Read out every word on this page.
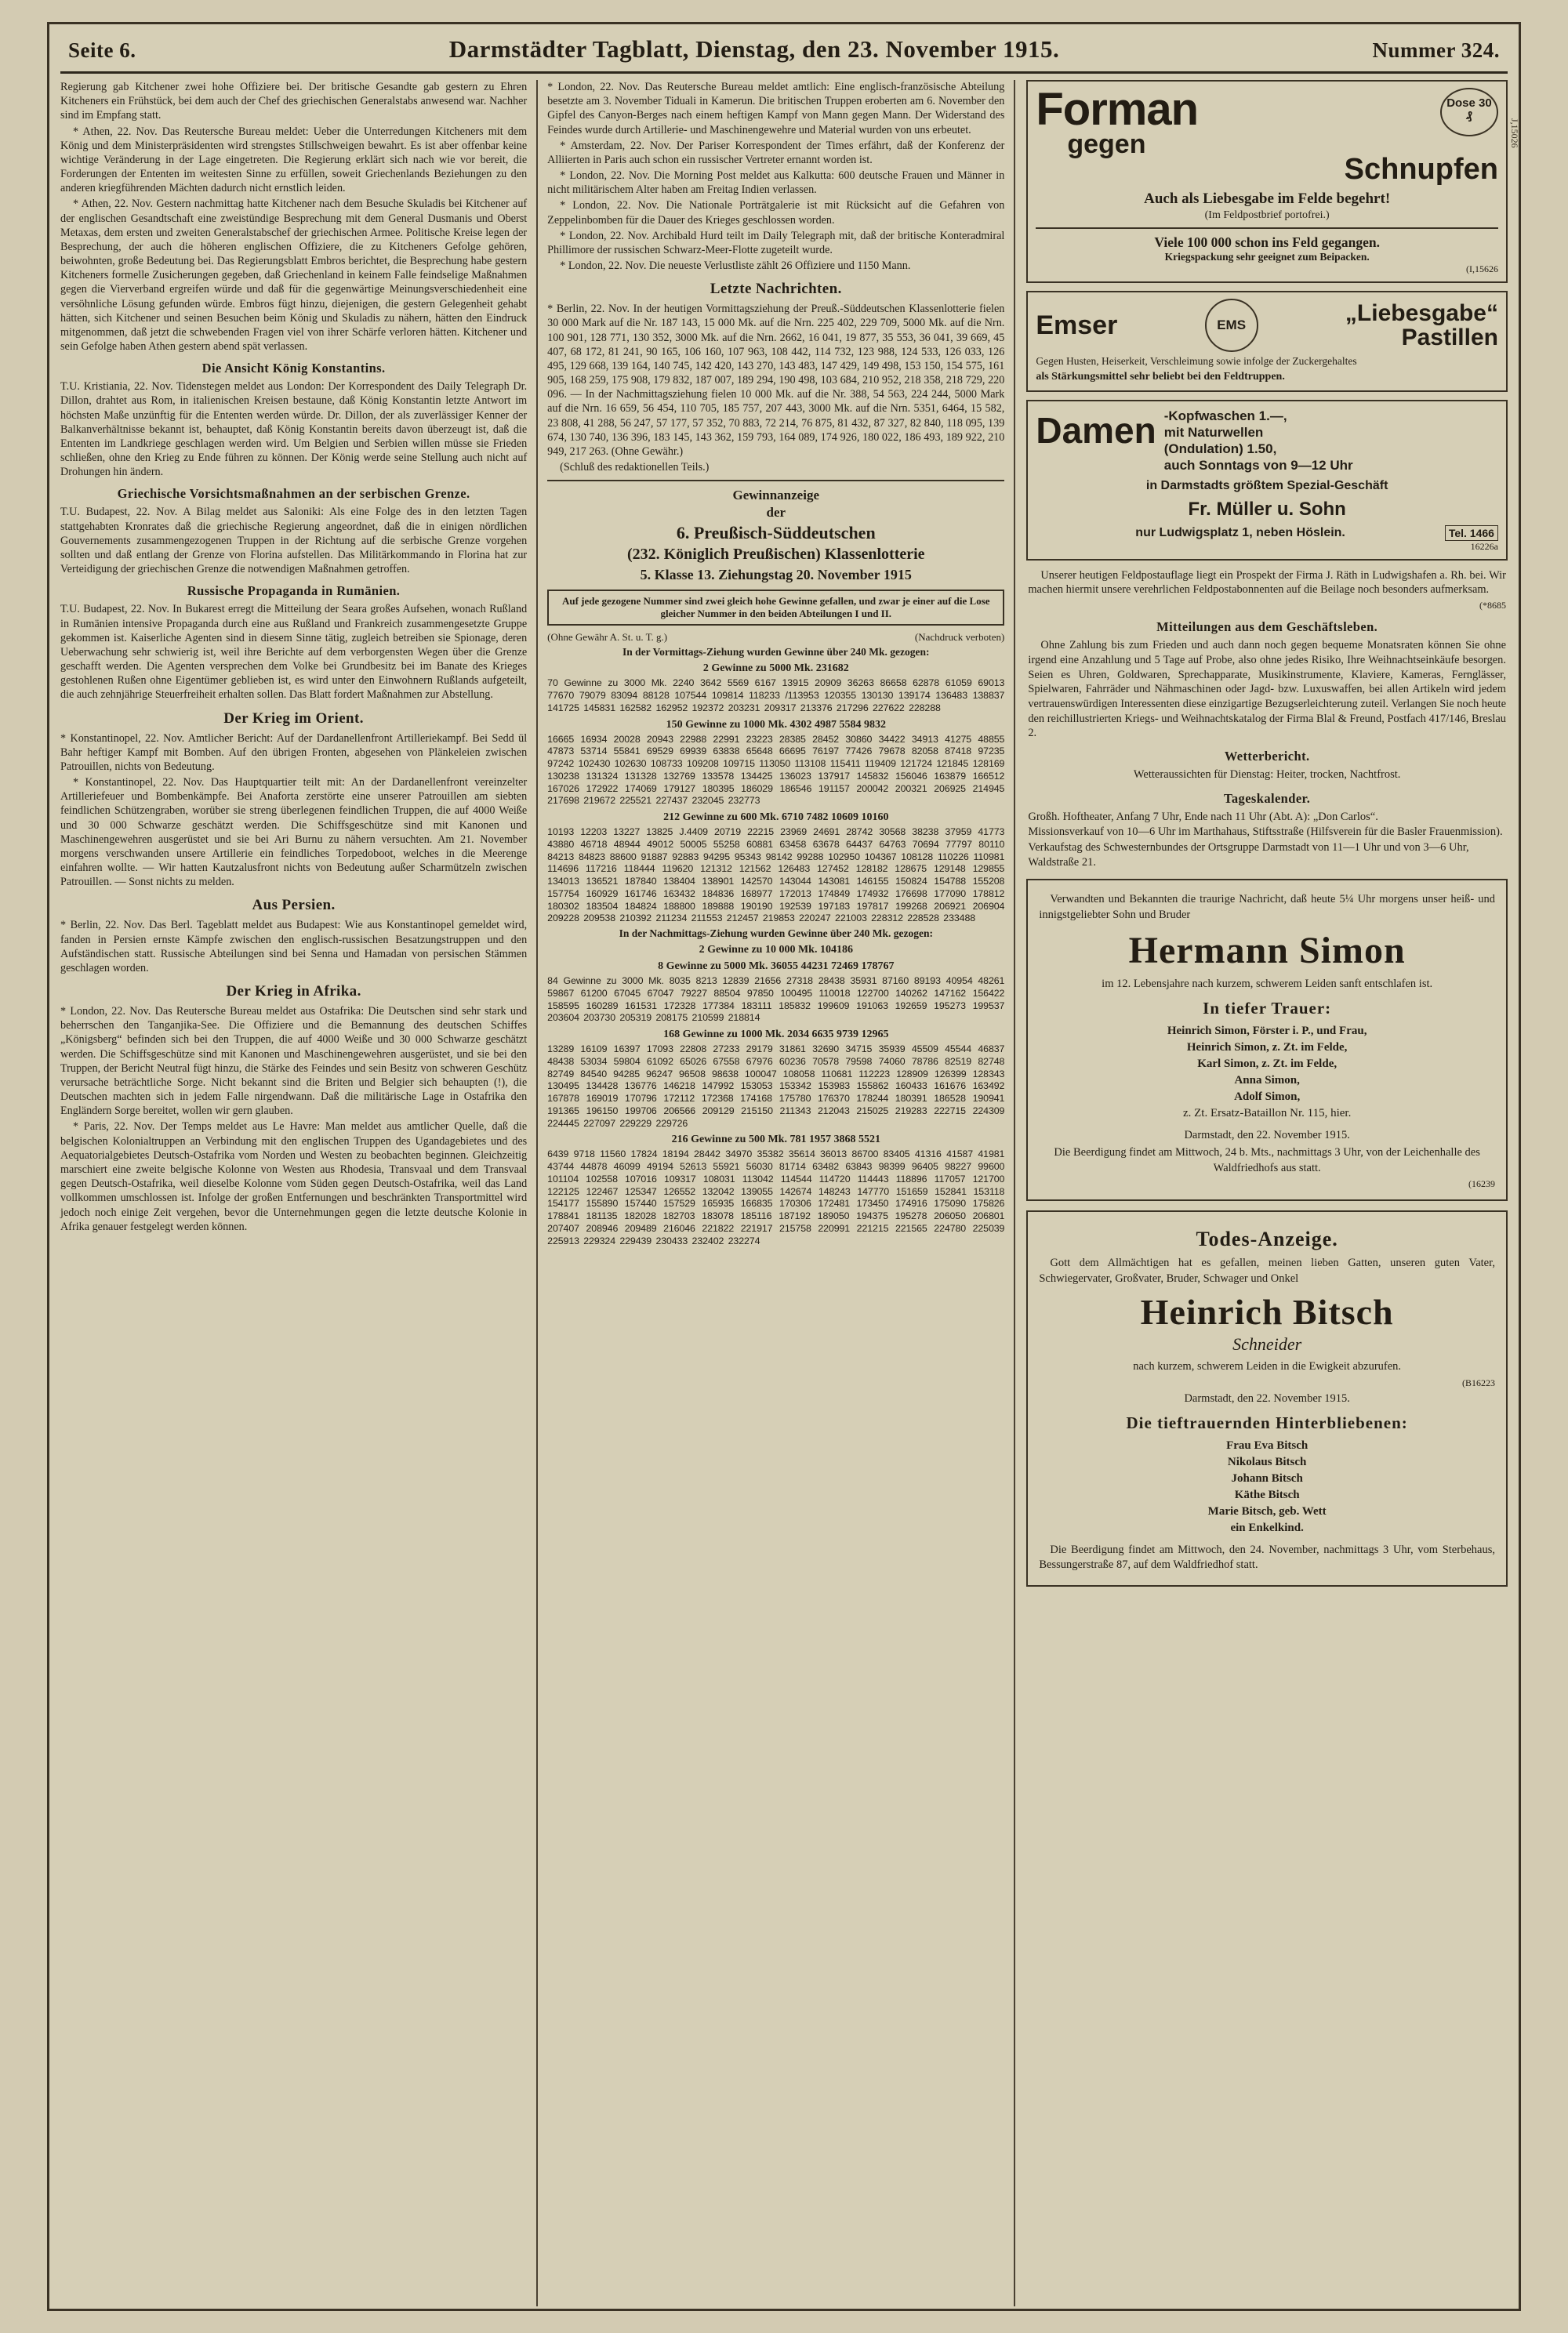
Seite 6.	Darmstädter Tagblatt, Dienstag, den 23. November 1915.	Nummer 324.

Regierung gab Kitchener zwei hohe Offiziere bei. Der britische Gesandte gab gestern zu Ehren Kitcheners ein Frühstück, bei dem auch der Chef des griechischen Generalstabs anwesend war. Nachher sind im Empfang statt.

* Athen, 22. Nov. Das Reutersche Bureau meldet: Ueber die Unterredungen Kitcheners mit dem König und dem Ministerpräsidenten wird strengstes Stillschweigen bewahrt. Es ist aber offenbar keine wichtige Veränderung in der Lage eingetreten. Die Regierung erklärt sich nach wie vor bereit, die Forderungen der Ententen im weitesten Sinne zu erfüllen, soweit Griechenlands Beziehungen zu den anderen kriegführenden Mächten dadurch nicht ernstlich leiden.

* Athen, 22. Nov. Gestern nachmittag hatte Kitchener nach dem Besuche Skuladis bei Kitchener auf der englischen Gesandtschaft eine zweistündige Besprechung mit dem General Dusmanis und Oberst Metaxas, dem ersten und zweiten Generalstabschef der griechischen Armee. Politische Kreise legen der Besprechung, der auch die höheren englischen Offiziere, die zu Kitcheners Gefolge gehören, beiwohnten, große Bedeutung bei. Das Regierungsblatt Embros berichtet, die Besprechung habe gestern Kitcheners formelle Zusicherungen gegeben, daß Griechenland in keinem Falle feindselige Maßnahmen gegen die Vierverband ergreifen würde und daß für die gegenwärtige Meinungsverschiedenheit eine versöhnliche Lösung gefunden würde. Embros fügt hinzu, diejenigen, die gestern Gelegenheit gehabt hätten, sich Kitchener und seinen Besuchen beim König und Skuladis zu nähern, hätten den Eindruck mitgenommen, daß jetzt die schwebenden Fragen viel von ihrer Schärfe verloren hätten. Kitchener und sein Gefolge haben Athen gestern abend spät verlassen.

Die Ansicht König Konstantins.

T.U. Kristiania, 22. Nov. Tidenstegen meldet aus London: Der Korrespondent des Daily Telegraph Dr. Dillon, drahtet aus Rom, in italienischen Kreisen bestaune, daß König Konstantin letzte Antwort im höchsten Maße unzünftig für die Ententen werden würde. Dr. Dillon, der als zuverlässiger Kenner der Balkanverhältnisse bekannt ist, behauptet, daß König Konstantin bereits davon überzeugt ist, daß die Ententen im Landkriege geschlagen werden wird. Um Belgien und Serbien willen müsse sie Frieden schließen, ohne den Krieg zu Ende führen zu können. Der König werde seine Stellung auch nicht auf Drohungen hin ändern.

Griechische Vorsichtsmaßnahmen an der serbischen Grenze.

T.U. Budapest, 22. Nov. A Bilag meldet aus Saloniki: Als eine Folge des in den letzten Tagen stattgehabten Kronrates daß die griechische Regierung angeordnet, daß die in einigen nördlichen Gouvernements zusammengezogenen Truppen in der Richtung auf die serbische Grenze vorgehen sollten und daß entlang der Grenze von Florina aufstellen. Das Militärkommando in Florina hat zur Verteidigung der griechischen Grenze die notwendigen Maßnahmen getroffen.

Russische Propaganda in Rumänien.

T.U. Budapest, 22. Nov. In Bukarest erregt die Mitteilung der Seara großes Aufsehen, wonach Rußland in Rumänien intensive Propaganda durch eine aus Rußland und Frankreich zusammengesetzte Gruppe gekommen ist. Kaiserliche Agenten sind in diesem Sinne tätig, zugleich betreiben sie Spionage, deren Ueberwachung sehr schwierig ist, weil ihre Berichte auf dem verborgensten Wegen über die Grenze geschafft werden. Die Agenten versprechen dem Volke bei Grundbesitz bei im Banate des Krieges gestohlenen Rußen ohne Eigentümer geblieben ist, es wird unter den Einwohnern Rußlands aufgeteilt, die auch zehnjährige Steuerfreiheit erhalten sollen. Das Blatt fordert Maßnahmen zur Abstellung.

Der Krieg im Orient.

* Konstantinopel, 22. Nov. Amtlicher Bericht: Auf der Dardanellenfront Artilleriekampf. Bei Sedd ül Bahr heftiger Kampf mit Bomben. Auf den übrigen Fronten, abgesehen von Plänkeleien zwischen Patrouillen, nichts von Bedeutung.

* Konstantinopel, 22. Nov. Das Hauptquartier teilt mit: An der Dardanellenfront vereinzelter Artilleriefeuer und Bombenkämpfe. Bei Anaforta zerstörte eine unserer Patrouillen am siebten feindlichen Schützengraben, worüber sie streng überlegenen feindlichen Truppen, die auf 4000 Weiße und 30 000 Schwarze geschätzt werden. Die Schiffsgeschütze sind mit Kanonen und Maschinengewehren ausgerüstet und sie bei Ari Burnu zu nähern versuchten. Am 21. November morgens verschwanden unsere Artillerie ein feindliches Torpedoboot, welches in die Meerenge einfahren wollte. — Wir hatten Kautzalusfront nichts von Bedeutung außer Scharmützeln zwischen Patrouillen. — Sonst nichts zu melden.

Aus Persien.

* Berlin, 22. Nov. Das Berl. Tageblatt meldet aus Budapest: Wie aus Konstantinopel gemeldet wird, fanden in Persien ernste Kämpfe zwischen den englisch-russischen Besatzungstruppen und den Aufständischen statt. Russische Abteilungen sind bei Senna und Hamadan von persischen Stämmen geschlagen worden.

Der Krieg in Afrika.

* London, 22. Nov. Das Reutersche Bureau meldet aus Ostafrika: Die Deutschen sind sehr stark und beherrschen den Tanganjika-See. Die Offiziere und die Bemannung des deutschen Schiffes „Königsberg“ befinden sich bei den Truppen, die auf 4000 Weiße und 30 000 Schwarze geschätzt werden. Die Schiffsgeschütze sind mit Kanonen und Maschinengewehren ausgerüstet, und sie bei den Truppen, der Bericht Neutral fügt hinzu, die Stärke des Feindes und sein Besitz von schweren Geschütz verursache beträchtliche Sorge. Nicht bekannt sind die Briten und Belgier sich behaupten (!), die Deutschen machten sich in jedem Falle nirgendwann. Daß die militärische Lage in Ostafrika den Engländern Sorge bereitet, wollen wir gern glauben.

* Paris, 22. Nov. Der Temps meldet aus Le Havre: Man meldet aus amtlicher Quelle, daß die belgischen Kolonialtruppen an Verbindung mit den englischen Truppen des Ugandagebietes und des Aequatorialgebietes Deutsch-Ostafrika vom Norden und Westen zu beobachten beginnen. Gleichzeitig marschiert eine zweite belgische Kolonne von Westen aus Rhodesia, Transvaal und dem Transvaal gegen Deutsch-Ostafrika, weil dieselbe Kolonne vom Süden gegen Deutsch-Ostafrika, weil das Land vollkommen umschlossen ist. Infolge der großen Entfernungen und beschränkten Transportmittel wird jedoch noch einige Zeit vergehen, bevor die Unternehmungen gegen die letzte deutsche Kolonie in Afrika genauer festgelegt werden können.

* London, 22. Nov. Das Reutersche Bureau meldet amtlich: Eine englisch-französische Abteilung besetzte am 3. November Tiduali in Kamerun. Die britischen Truppen eroberten am 6. November den Gipfel des Canyon-Berges nach einem heftigen Kampf von Mann gegen Mann. Der Widerstand des Feindes wurde durch Artillerie- und Maschinengewehre und Material wurden von uns erbeutet.

* Amsterdam, 22. Nov. Der Pariser Korrespondent der Times erfährt, daß der Konferenz der Alliierten in Paris auch schon ein russischer Vertreter ernannt worden ist.

* London, 22. Nov. Die Morning Post meldet aus Kalkutta: 600 deutsche Frauen und Männer in nicht militärischem Alter haben am Freitag Indien verlassen.

* London, 22. Nov. Die Nationale Porträtgalerie ist mit Rücksicht auf die Gefahren von Zeppelinbomben für die Dauer des Krieges geschlossen worden.

* London, 22. Nov. Archibald Hurd teilt im Daily Telegraph mit, daß der britische Konteradmiral Phillimore der russischen Schwarz-Meer-Flotte zugeteilt wurde.

* London, 22. Nov. Die neueste Verlustliste zählt 26 Offiziere und 1150 Mann.

Letzte Nachrichten.

* Berlin, 22. Nov. In der heutigen Vormittagsziehung der Preuß.-Süddeutschen Klassenlotterie fielen 30 000 Mark auf die Nr. 187 143, 15 000 Mk. auf die Nrn. 225 402, 229 709, 5000 Mk. auf die Nrn. 100 901, 128 771, 130 352, 3000 Mk. auf die Nrn. 2662, 16 041, 19 877, 35 553, 36 041, 39 669, 45 407, 68 172, 81 241, 90 165, 106 160, 107 963, 108 442, 114 732, 123 988, 124 533, 126 033, 126 495, 129 668, 139 164, 140 745, 142 420, 143 270, 143 483, 147 429, 149 498, 153 150, 154 575, 161 905, 168 259, 175 908, 179 832, 187 007, 189 294, 190 498, 103 684, 210 952, 218 358, 218 729, 220 096. — In der Nachmittagsziehung fielen 10 000 Mk. auf die Nr. 388, 54 563, 224 244, 5000 Mark auf die Nrn. 16 659, 56 454, 110 705, 185 757, 207 443, 3000 Mk. auf die Nrn. 5351, 6464, 15 582, 23 808, 41 288, 56 247, 57 177, 57 352, 70 883, 72 214, 76 875, 81 432, 87 327, 82 840, 118 095, 139 674, 130 740, 136 396, 183 145, 143 362, 159 793, 164 089, 174 926, 180 022, 186 493, 189 922, 210 949, 217 263. (Ohne Gewähr.)

(Schluß des redaktionellen Teils.)

Gewinnanzeige
der
6. Preußisch-Süddeutschen
(232. Königlich Preußischen) Klassenlotterie
5. Klasse 13. Ziehungstag 20. November 1915
Auf jede gezogene Nummer sind zwei gleich hohe Gewinne gefallen, und zwar je einer auf die Lose gleicher Nummer in den beiden Abteilungen I und II.
(Ohne Gewähr A. St. u. T. g.)	(Nachdruck verboten)
In der Vormittags-Ziehung wurden Gewinne über 240 Mk. gezogen:
2 Gewinne zu 5000 Mk. 231682

70 Gewinne zu 3000 Mk. 2240 3642 5569 6167 13915 20909 36263 86658 62878 61059 69013 77670 79079 83094 88128 107544 109814 118233 /113953 120355 130130 139174 136483 138837 141725 145831 162582 162952 192372 203231 209317 213376 217296 227622 228288

150 Gewinne zu 1000 Mk. 4302 4987 5584 9832

16665 16934 20028 20943 22988 22991 23223 28385 28452 30860 34422 34913 41275 48855 47873 53714 55841 69529 69939 63838 65648 66695 76197 77426 79678 82058 87418 97235 97242 102430 102630 108733 109208 109715 113050 113108 115411 119409 121724 121845 128169 130238 131324 131328 132769 133578 134425 136023 137917 145832 156046 163879 166512 167026 172922 174069 179127 180395 186029 186546 191157 200042 200321 206925 214945 217698 219672 225521 227437 232045 232773

212 Gewinne zu 600 Mk. 6710 7482 10609 10160

10193 12203 13227 13825 J.4409 20719 22215 23969 24691 28742 30568 38238 37959 41773 43880 46718 48944 49012 50005 55258 60881 63458 63678 64437 64763 70694 77797 80110 84213 84823 88600 91887 92883 94295 95343 98142 99288 102950 104367 108128 110226 110981 114696 117216 118444 119620 121312 121562 126483 127452 128182 128675 129148 129855 134013 136521 187840 138404 138901 142570 143044 143081 146155 150824 154788 155208 157754 160929 161746 163432 184836 168977 172013 174849 174932 176698 177090 178812 180302 183504 184824 188800 189888 190190 192539 197183 197817 199268 206921 206904 209228 209538 210392 211234 211553 212457 219853 220247 221003 228312 228528 233488

In der Nachmittags-Ziehung wurden Gewinne über 240 Mk. gezogen:
2 Gewinne zu 10 000 Mk. 104186
8 Gewinne zu 5000 Mk. 36055 44231 72469 178767

84 Gewinne zu 3000 Mk. 8035 8213 12839 21656 27318 28438 35931 87160 89193 40954 48261 59867 61200 67045 67047 79227 88504 97850 100495 110018 122700 140262 147162 156422 158595 160289 161531 172328 177384 183111 185832 199609 191063 192659 195273 199537 203604 203730 205319 208175 210599 218814

168 Gewinne zu 1000 Mk. 2034 6635 9739 12965

13289 16109 16397 17093 22808 27233 29179 31861 32690 34715 35939 45509 45544 46837 48438 53034 59804 61092 65026 67558 67976 60236 70578 79598 74060 78786 82519 82748 82749 84540 94285 96247 96508 98638 100047 108058 110681 112223 128909 126399 128343 130495 134428 136776 146218 147992 153053 153342 153983 155862 160433 161676 163492 167878 169019 170796 172112 172368 174168 175780 176370 178244 180391 186528 190941 191365 196150 199706 206566 209129 215150 211343 212043 215025 219283 222715 224309 224445 227097 229229 229726

216 Gewinne zu 500 Mk. 781 1957 3868 5521

6439 9718 11560 17824 18194 28442 34970 35382 35614 36013 86700 83405 41316 41587 41981 43744 44878 46099 49194 52613 55921 56030 81714 63482 63843 98399 96405 98227 99600 101104 102558 107016 109317 108031 113042 114544 114720 114443 118896 117057 121700 122125 122467 125347 126552 132042 139055 142674 148243 147770 151659 152841 153118 154177 155890 157440 157529 165935 166835 170306 172481 173450 174916 175090 175826 178841 181135 182028 182703 183078 185116 187192 189050 194375 195278 206050 206801 207407 208946 209489 216046 221822 221917 215758 220991 221215 221565 224780 225039 225913 229324 229439 230433 232402 232274

Dose 30 ₰
Forman
gegen
Schnupfen
Auch als Liebesgabe im Felde begehrt!
(Im Feldpostbrief portofrei.)
Viele 100 000 schon ins Feld gegangen.
Kriegspackung sehr geeignet zum Beipacken.
(I,15626
Emser	EMS	„Liebesgabe“
Pastillen
Gegen Husten, Heiserkeit, Verschleimung sowie infolge der Zuckergehaltes
als Stärkungsmittel sehr beliebt bei den Feldtruppen.
Damen -Kopfwaschen 1.—,
mit Naturwellen
(Ondulation) 1.50,
auch Sonntags von 9—12 Uhr
in Darmstadts größtem Spezial-Geschäft
Fr. Müller u. Sohn
Tel. 1466
nur Ludwigsplatz 1, neben Höslein.
16226a

Unserer heutigen Feldpostauflage liegt ein Prospekt der Firma J. Räth in Ludwigshafen a. Rh. bei. Wir machen hiermit unsere verehrlichen Feldpostabonnenten auf die Beilage noch besonders aufmerksam.

(*8685
Mitteilungen aus dem Geschäftsleben.

Ohne Zahlung bis zum Frieden und auch dann noch gegen bequeme Monatsraten können Sie ohne irgend eine Anzahlung und 5 Tage auf Probe, also ohne jedes Risiko, Ihre Weihnachtseinkäufe besorgen. Seien es Uhren, Goldwaren, Sprechapparate, Musikinstrumente, Klaviere, Kameras, Fernglässer, Spielwaren, Fahrräder und Nähmaschinen oder Jagd- bzw. Luxuswaffen, bei allen Artikeln wird jedem vertrauenswürdigen Interessenten diese einzigartige Bezugserleichterung zuteil. Verlangen Sie noch heute den reichillustrierten Kriegs- und Weihnachtskatalog der Firma Blal & Freund, Postfach 417/146, Breslau 2.

Wetterbericht.
Wetteraussichten für Dienstag: Heiter, trocken, Nachtfrost.
Tageskalender.
Großh. Hoftheater, Anfang 7 Uhr, Ende nach 11 Uhr (Abt. A): „Don Carlos“.
Missionsverkauf von 10—6 Uhr im Marthahaus, Stiftsstraße (Hilfsverein für die Basler Frauenmission).
Verkaufstag des Schwesternbundes der Ortsgruppe Darmstadt von 11—1 Uhr und von 3—6 Uhr, Waldstraße 21.
Verwandten und Bekannten die traurige Nachricht, daß heute 5¼ Uhr morgens unser heiß- und innigstgeliebter Sohn und Bruder
Hermann Simon
im 12. Lebensjahre nach kurzem, schwerem Leiden sanft entschlafen ist.
In tiefer Trauer:
Heinrich Simon, Förster i. P., und Frau,
Heinrich Simon, z. Zt. im Felde,
Karl Simon, z. Zt. im Felde,
Anna Simon,
Adolf Simon,
z. Zt. Ersatz-Bataillon Nr. 115, hier.
Darmstadt, den 22. November 1915.
Die Beerdigung findet am Mittwoch, 24 b. Mts., nachmittags 3 Uhr, von der Leichenhalle des Waldfriedhofs aus statt.
(16239
Todes-Anzeige.
Gott dem Allmächtigen hat es gefallen, meinen lieben Gatten, unseren guten Vater, Schwiegervater, Großvater, Bruder, Schwager und Onkel
Heinrich Bitsch
Schneider
nach kurzem, schwerem Leiden in die Ewigkeit abzurufen.
(B16223
Darmstadt, den 22. November 1915.
Die tieftrauernden Hinterbliebenen:
Frau Eva Bitsch
Nikolaus Bitsch
Johann Bitsch
Käthe Bitsch
Marie Bitsch, geb. Wett
ein Enkelkind.
Die Beerdigung findet am Mittwoch, den 24. November, nachmittags 3 Uhr, vom Sterbehaus, Bessungerstraße 87, auf dem Waldfriedhof statt.
J,15026
